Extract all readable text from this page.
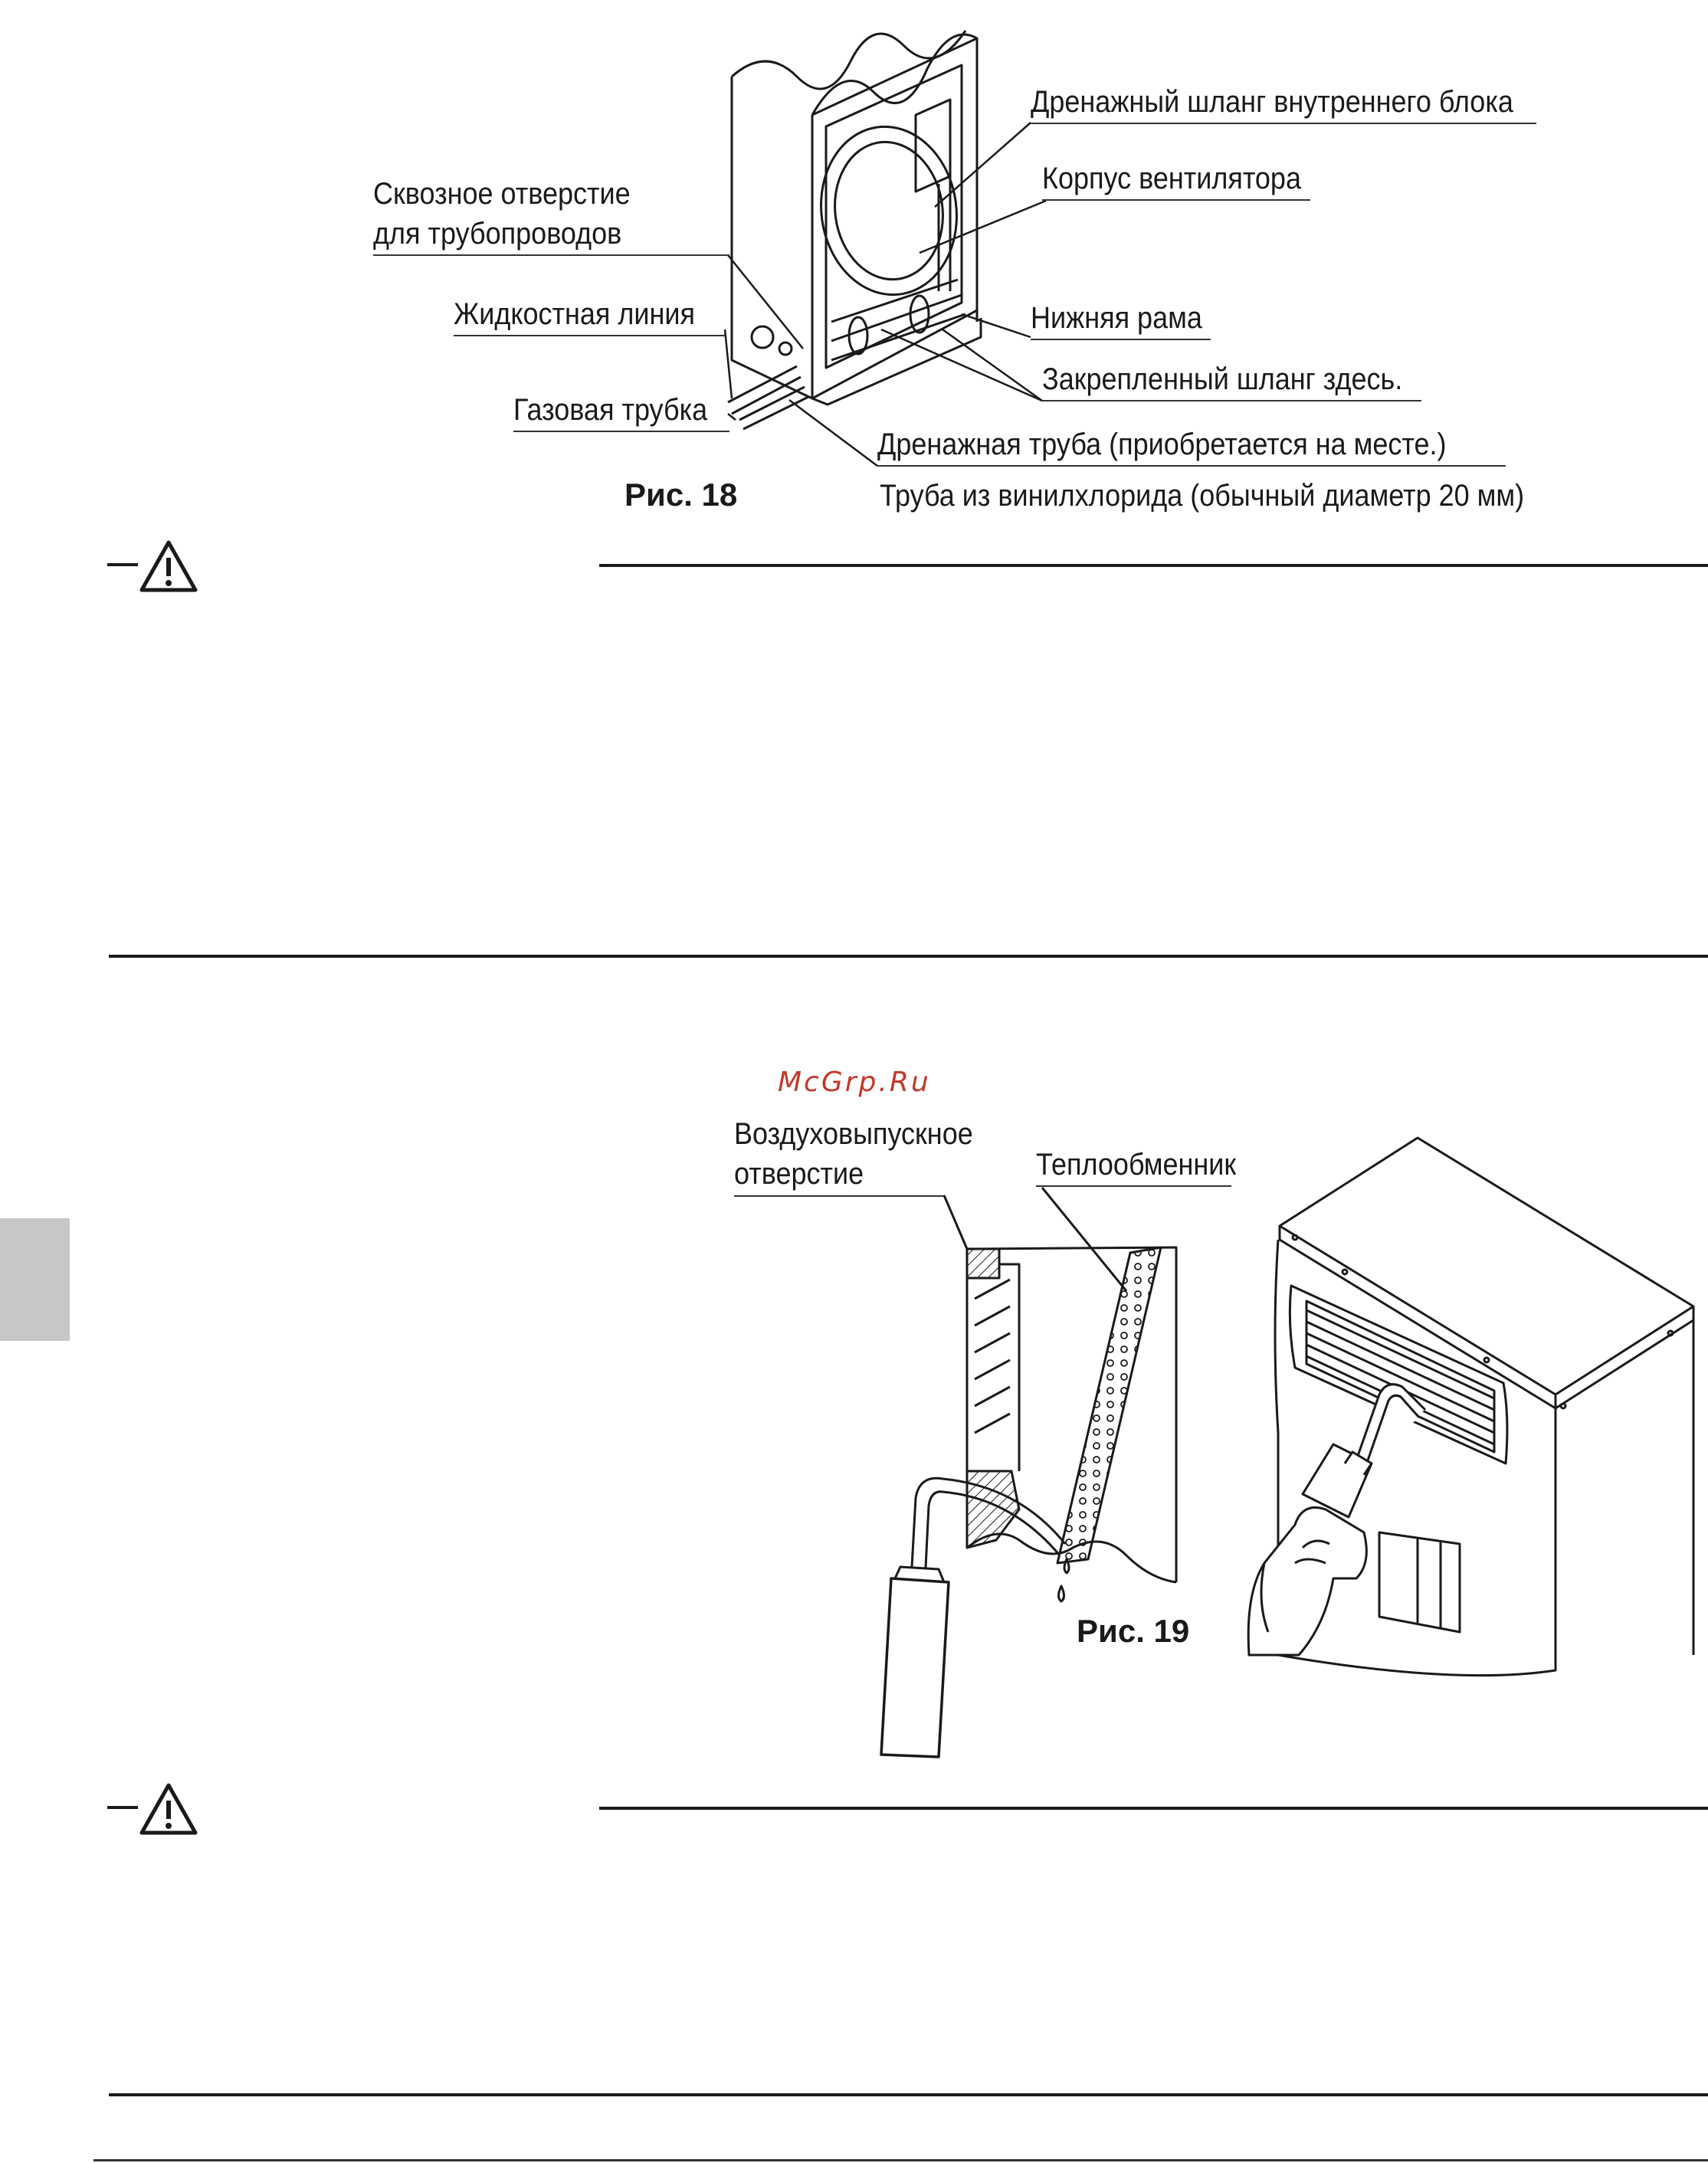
Сквозное отверстие
для трубопроводов
Жидкостная линия
Газовая трубка
Дренажный шланг внутреннего блока
Корпус вентилятора
Нижняя рама
Закрепленный шланг здесь.
Дренажная труба (приобретается на месте.)
Труба из винилхлорида (обычный диаметр 20 мм)
Рис. 18
McGrp.Ru
Воздуховыпускное
отверстие	Теплообменник
Рис. 19
